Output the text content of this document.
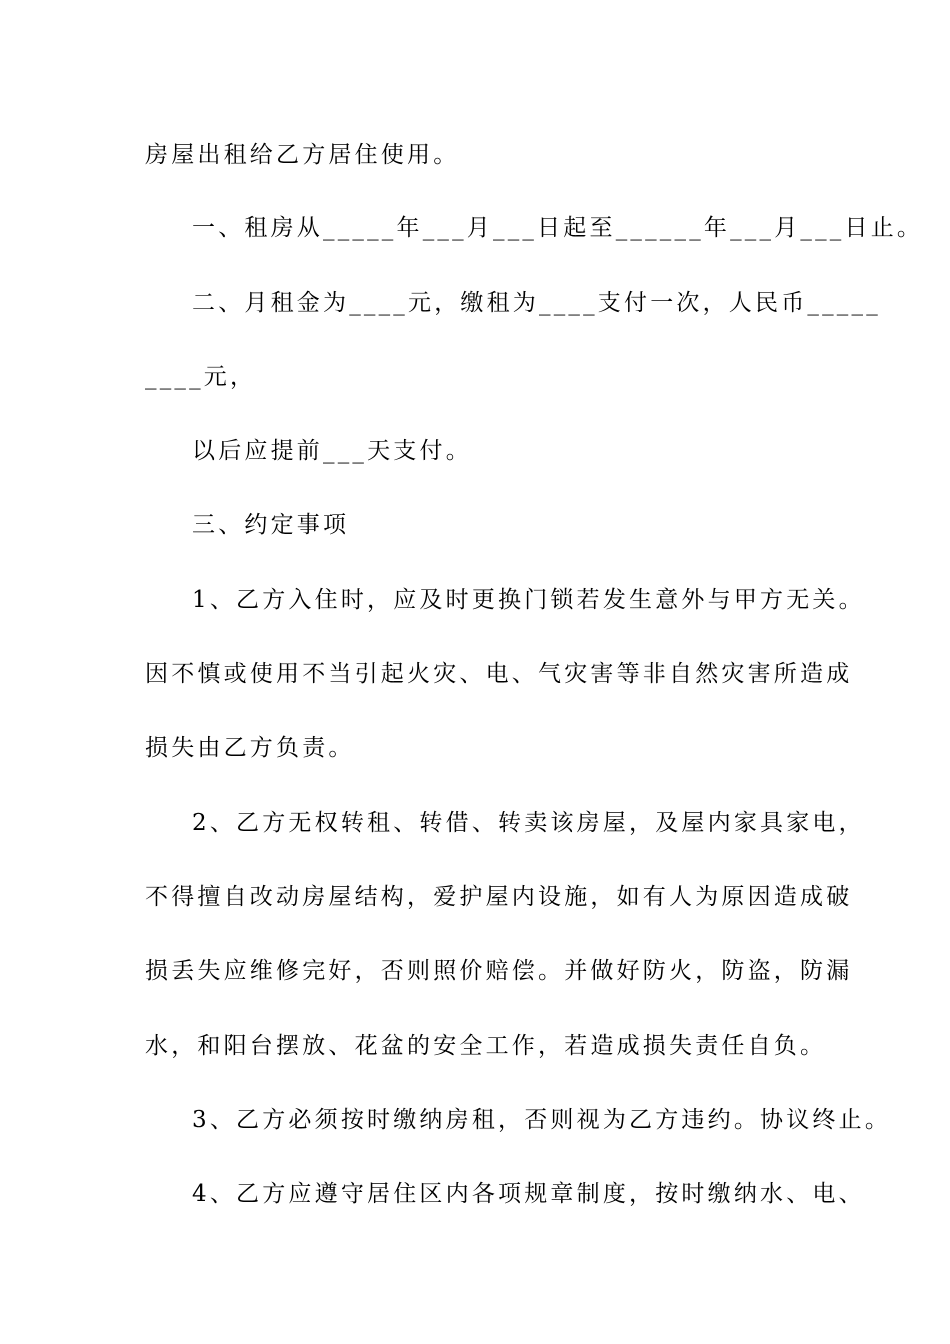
房屋出租给乙方居住使用。
一、租房从_____年___月___日起至______年___月___日止。
二、月租金为____元，缴租为____支付一次，人民币_____
____元，
以后应提前___天支付。
三、约定事项
1、乙方入住时，应及时更换门锁若发生意外与甲方无关。
因不慎或使用不当引起火灾、电、气灾害等非自然灾害所造成
损失由乙方负责。
2、乙方无权转租、转借、转卖该房屋，及屋内家具家电，
不得擅自改动房屋结构，爱护屋内设施，如有人为原因造成破
损丢失应维修完好，否则照价赔偿。并做好防火，防盗，防漏
水，和阳台摆放、花盆的安全工作，若造成损失责任自负。
3、乙方必须按时缴纳房租，否则视为乙方违约。协议终止。
4、乙方应遵守居住区内各项规章制度，按时缴纳水、电、
